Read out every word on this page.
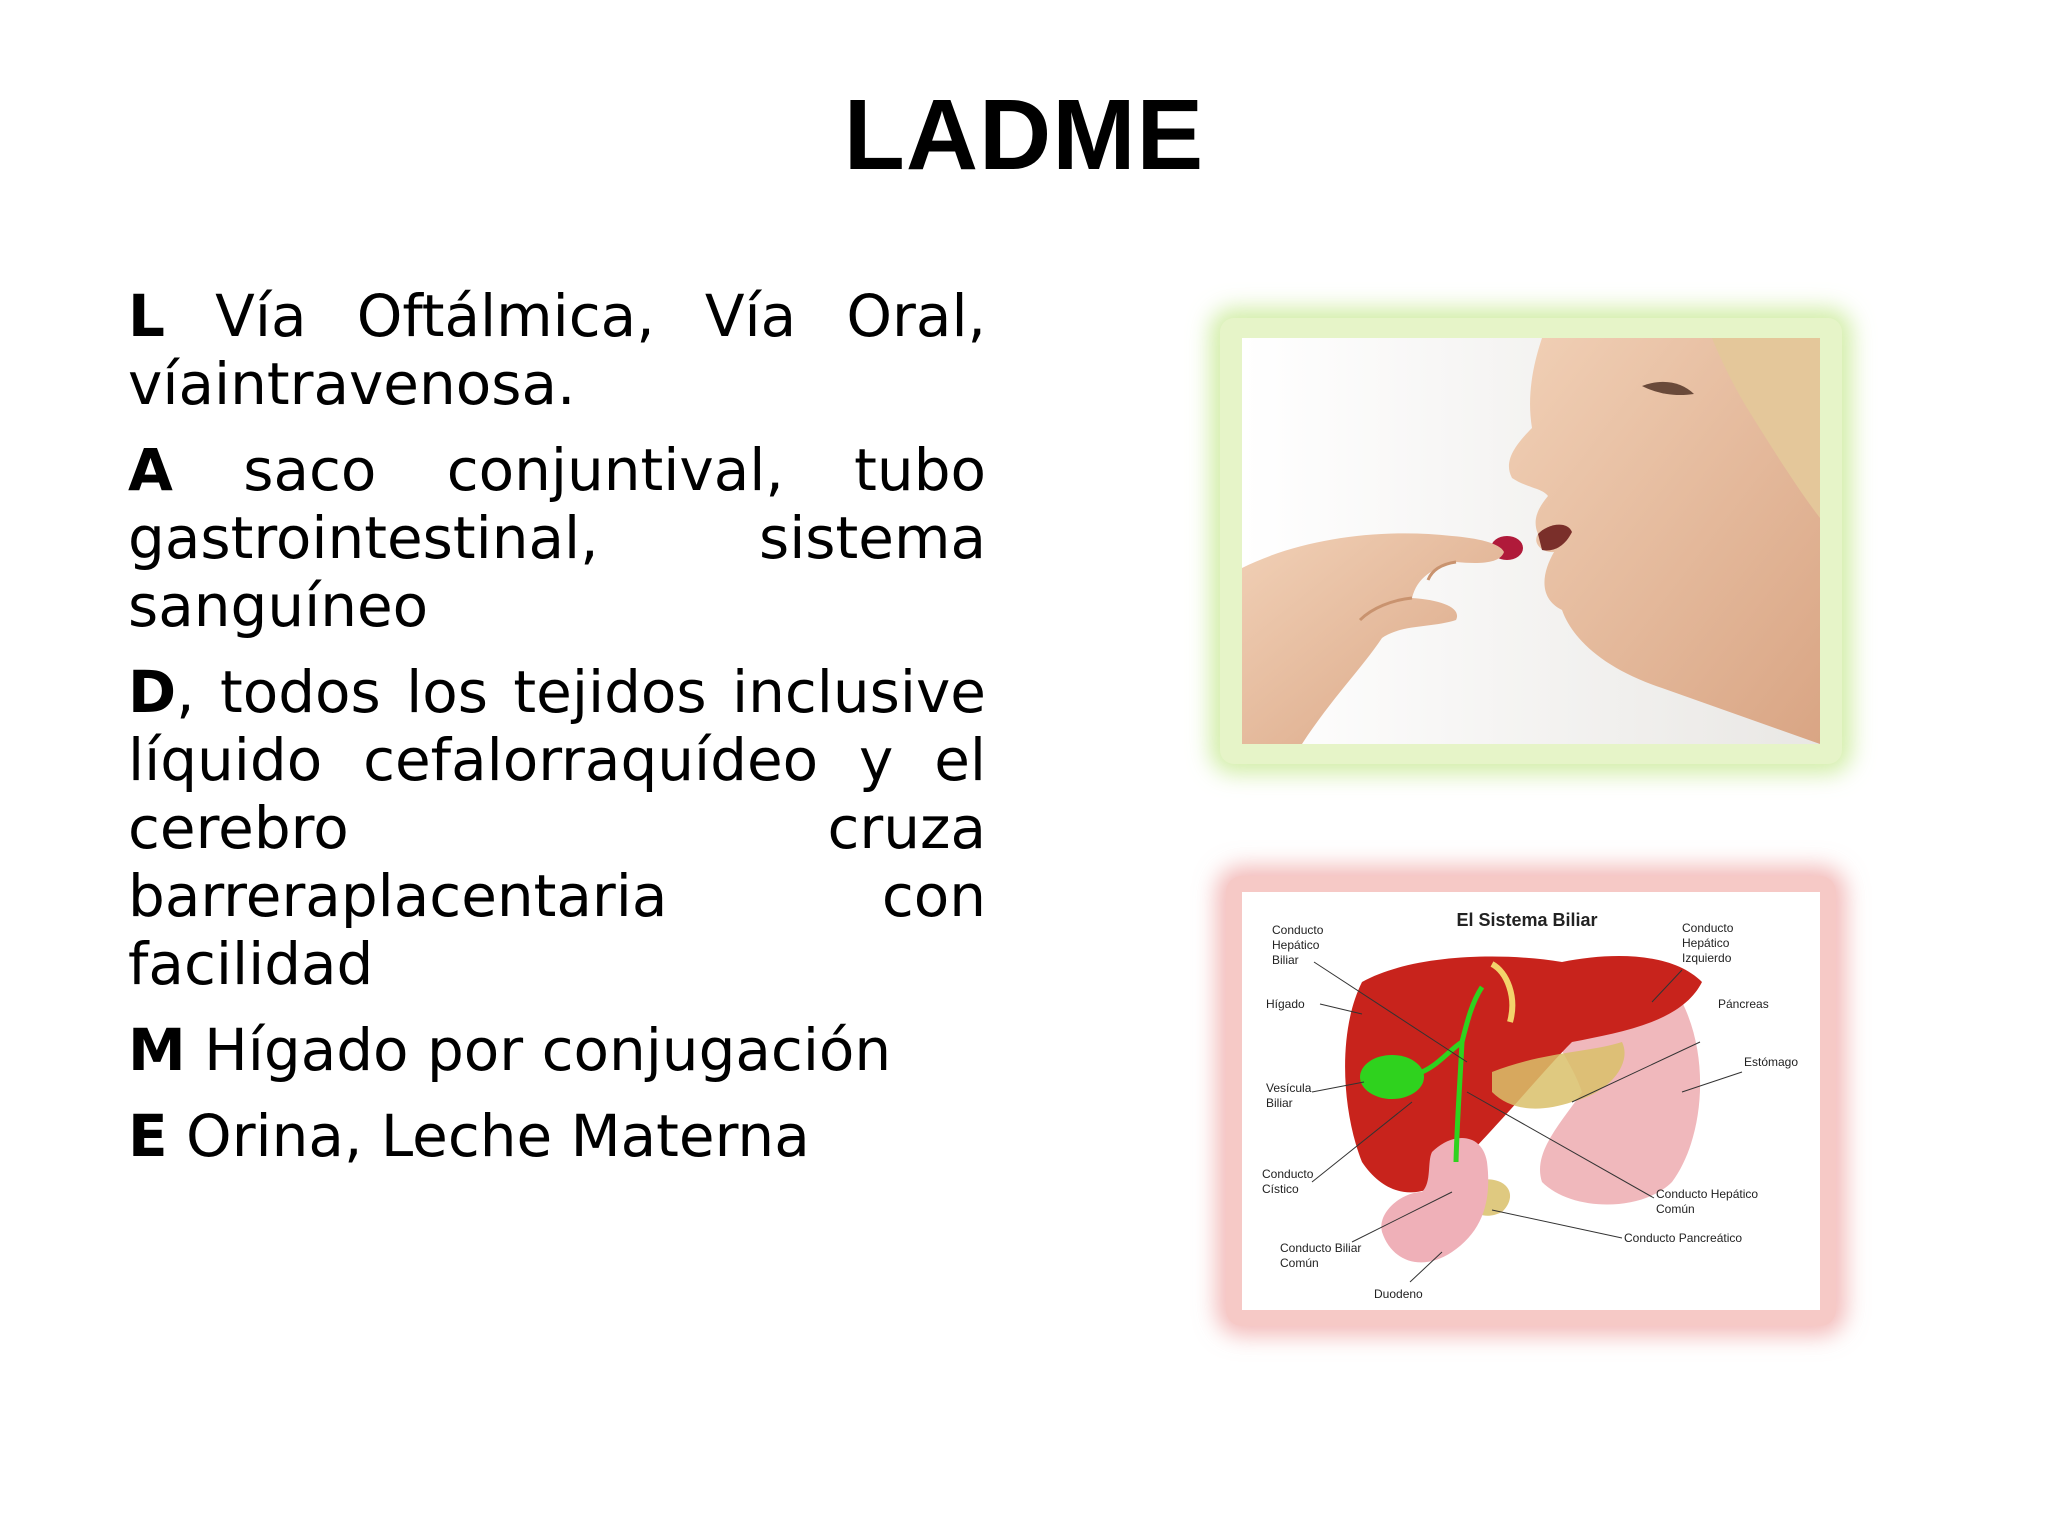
LADME

L Vía Oftálmica, Vía Oral, víaintravenosa.

A saco conjuntival, tubo gastrointestinal, sistema sanguíneo

D, todos los tejidos inclusive líquido cefalorraquídeo y el cerebro cruza barreraplacentaria con facilidad

M Hígado por conjugación

E Orina, Leche Materna

El Sistema Biliar
Conducto Hepático Biliar
Hígado
Vesícula Biliar
Conducto Cístico
Conducto Biliar Común
Duodeno
Conducto Hepático Izquierdo
Páncreas
Estómago
Conducto Hepático Común
Conducto Pancreático
